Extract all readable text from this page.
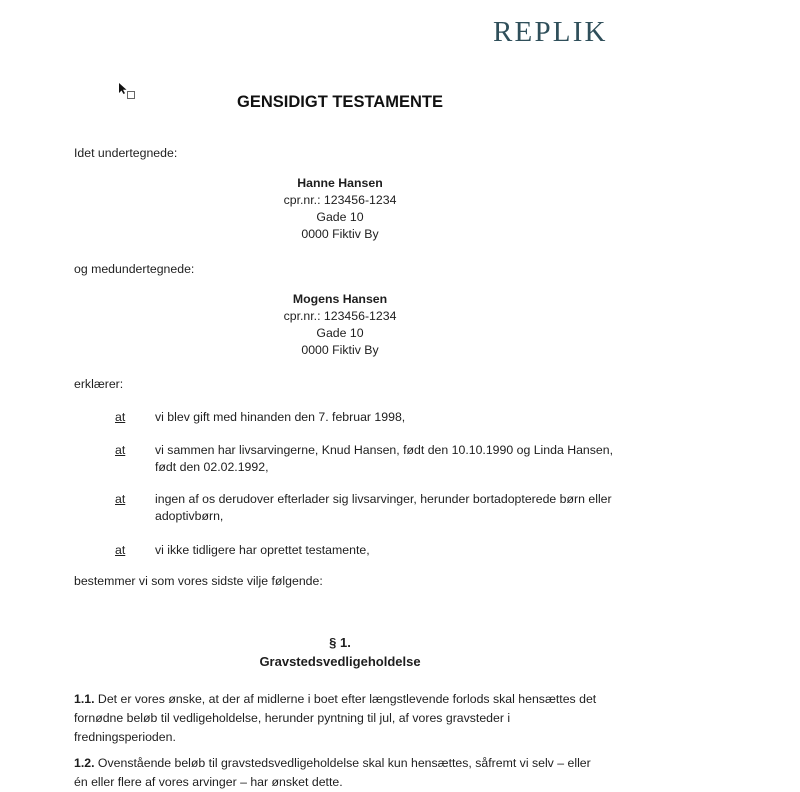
REPLIK
GENSIDIGT TESTAMENTE
Idet undertegnede:
Hanne Hansen
cpr.nr.: 123456-1234
Gade 10
0000 Fiktiv By
og medundertegnede:
Mogens Hansen
cpr.nr.: 123456-1234
Gade 10
0000 Fiktiv By
erklærer:
at vi blev gift med hinanden den 7. februar 1998,
at vi sammen har livsarvingerne, Knud Hansen, født den 10.10.1990 og Linda Hansen, født den 02.02.1992,
at ingen af os derudover efterlader sig livsarvinger, herunder bortadopterede børn eller adoptivbørn,
at vi ikke tidligere har oprettet testamente,
bestemmer vi som vores sidste vilje følgende:
§ 1.
Gravstedsvedligeholdelse
1.1. Det er vores ønske, at der af midlerne i boet efter længstlevende forlods skal hensættes det fornødne beløb til vedligeholdelse, herunder pyntning til jul, af vores gravsteder i fredningsperioden.
1.2. Ovenstående beløb til gravstedsvedligeholdelse skal kun hensættes, såfremt vi selv – eller én eller flere af vores arvinger – har ønsket dette.
